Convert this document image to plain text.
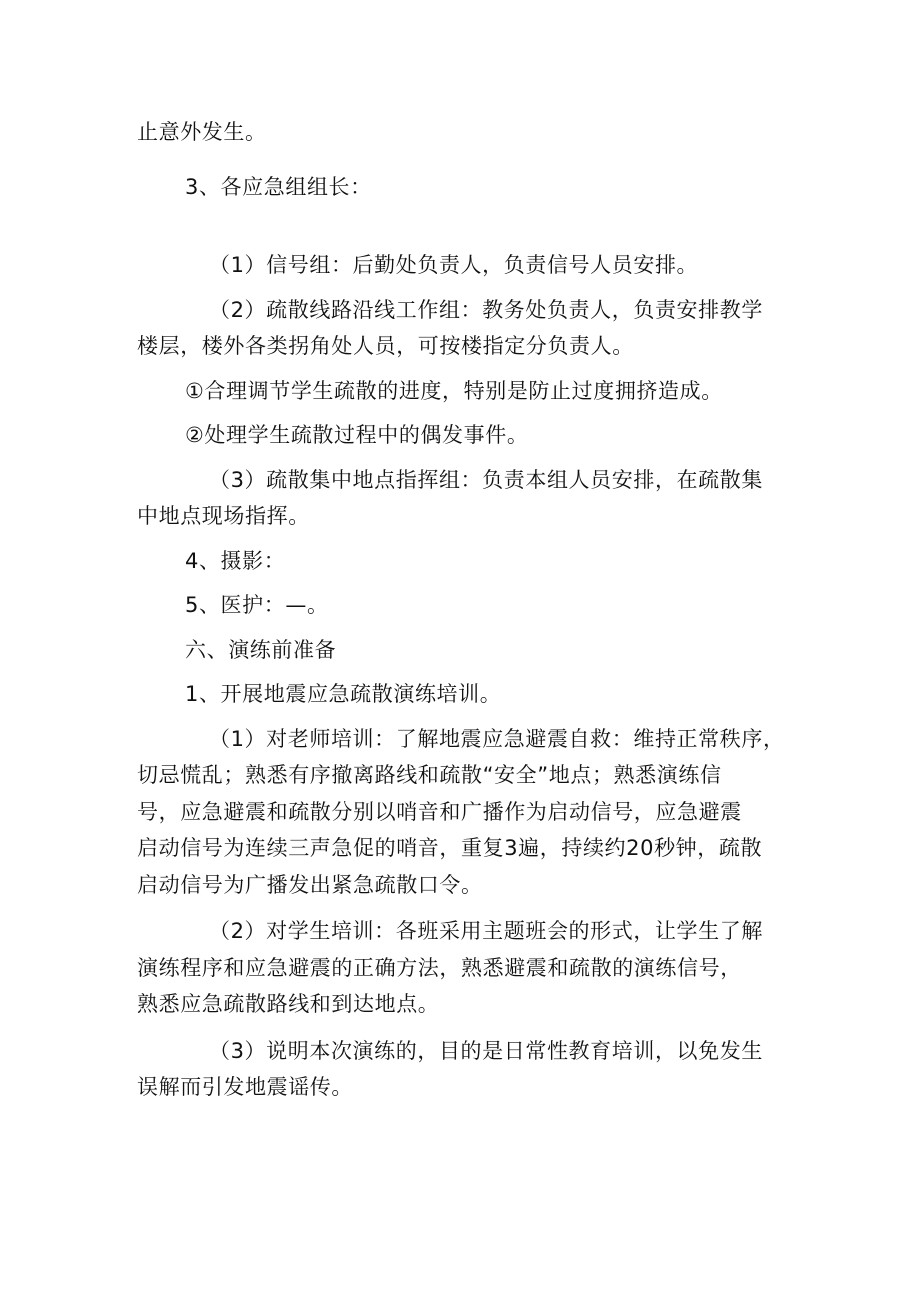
止意外发生。
3、各应急组组长：
（1）信号组：后勤处负责人，负责信号人员安排。
（2）疏散线路沿线工作组：教务处负责人，负责安排教学
楼层，楼外各类拐角处人员，可按楼指定分负责人。
①合理调节学生疏散的进度，特别是防止过度拥挤造成。
②处理学生疏散过程中的偶发事件。
（3）疏散集中地点指挥组：负责本组人员安排，在疏散集
中地点现场指挥。
4、摄影：
5、医护：—。
六、演练前准备
1、开展地震应急疏散演练培训。
（1）对老师培训：了解地震应急避震自救：维持正常秩序，
切忌慌乱；熟悉有序撤离路线和疏散“安全”地点；熟悉演练信
号，应急避震和疏散分别以哨音和广播作为启动信号，应急避震
启动信号为连续三声急促的哨音，重复3遍，持续约20秒钟，疏散
启动信号为广播发出紧急疏散口令。
（2）对学生培训：各班采用主题班会的形式，让学生了解
演练程序和应急避震的正确方法，熟悉避震和疏散的演练信号，
熟悉应急疏散路线和到达地点。
（3）说明本次演练的，目的是日常性教育培训，以免发生
误解而引发地震谣传。
